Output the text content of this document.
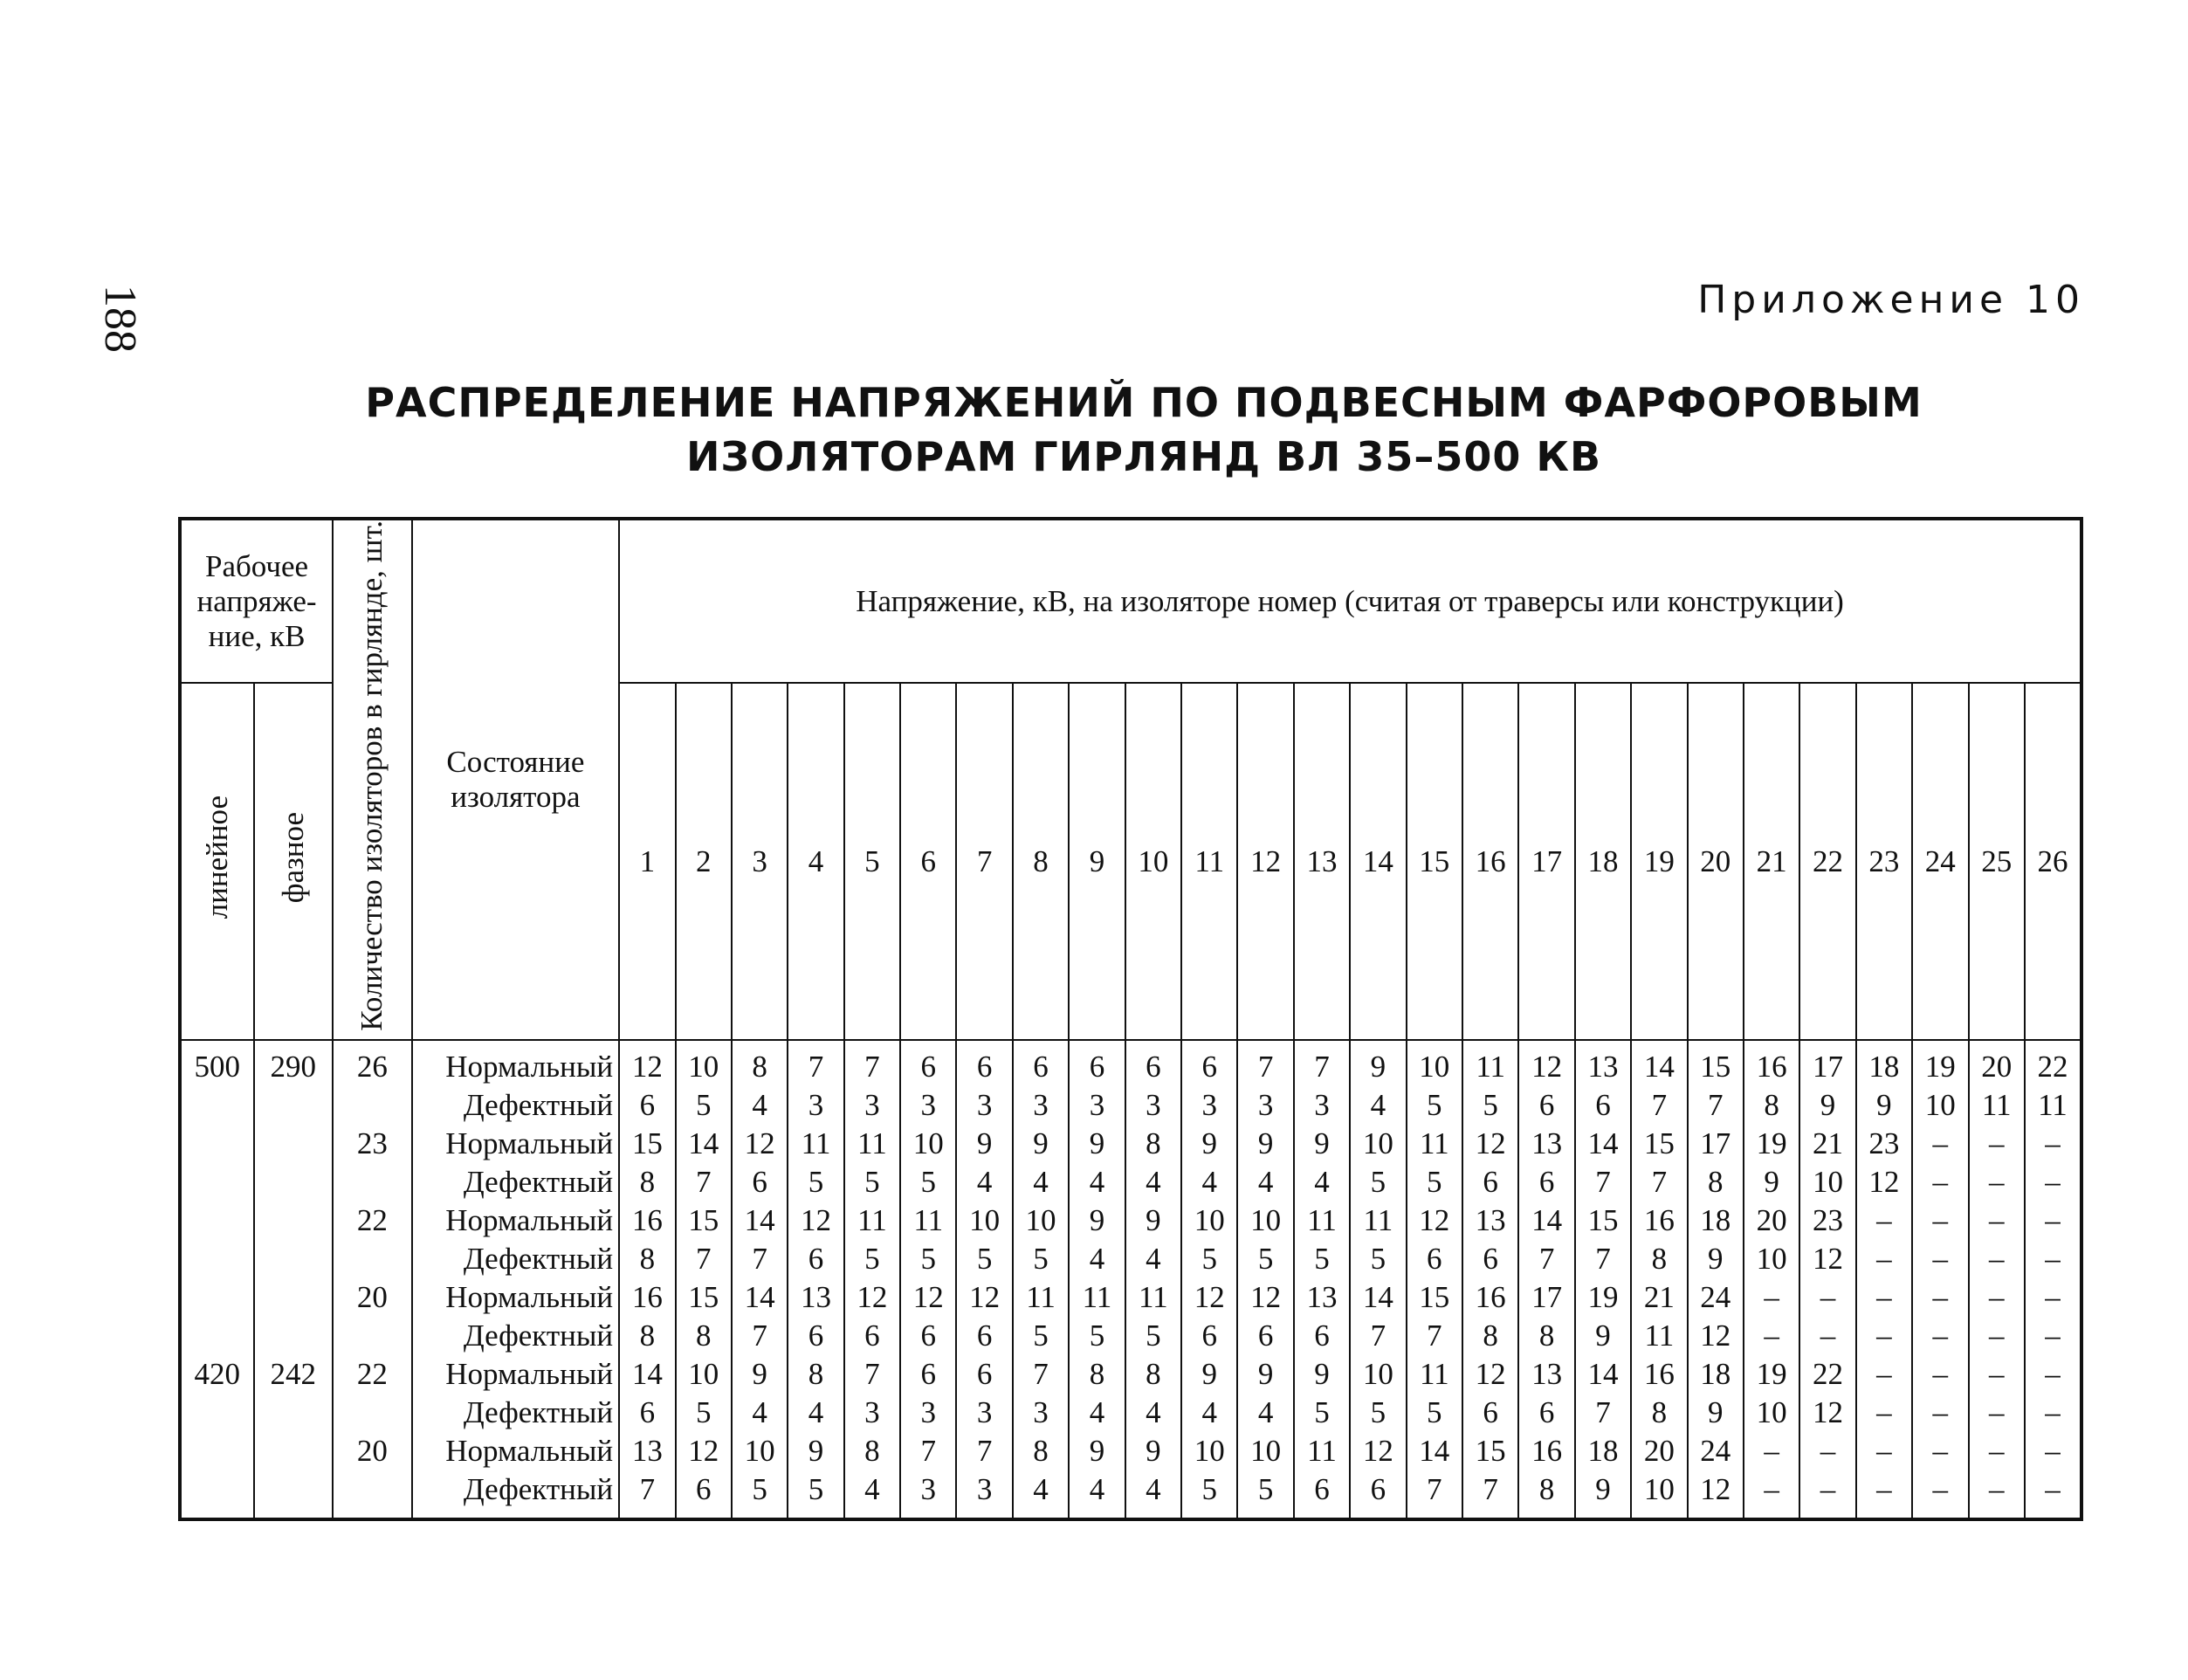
188	Приложение 10
РАСПРЕДЕЛЕНИЕ НАПРЯЖЕНИЙ ПО ПОДВЕСНЫМ ФАРФОРОВЫМ
ИЗОЛЯТОРАМ ГИРЛЯНД ВЛ 35–500 КВ
Рабочее напряже-ние, кВ		Количество изоляторов в гирлянде, шт.	Состояние изолятора	Напряжение, кВ, на изоляторе номер (считая от траверсы или конструкции)																									
линейное	фазное			1	2	3	4	5	6	7	8	9	10	11	12	13	14	15	16	17	18	19	20	21	22	23	24	25	26
500	290	26	Нормальный	12	10	8	7	7	6	6	6	6	6	6	7	7	9	10	11	12	13	14	15	16	17	18	19	20	22
			Дефектный	6	5	4	3	3	3	3	3	3	3	3	3	3	4	5	5	6	6	7	7	8	9	9	10	11	11
		23	Нормальный	15	14	12	11	11	10	9	9	9	8	9	9	9	10	11	12	13	14	15	17	19	21	23	–	–	–
			Дефектный	8	7	6	5	5	5	4	4	4	4	4	4	4	5	5	6	6	7	7	8	9	10	12	–	–	–
		22	Нормальный	16	15	14	12	11	11	10	10	9	9	10	10	11	11	12	13	14	15	16	18	20	23	–	–	–	–
			Дефектный	8	7	7	6	5	5	5	5	4	4	5	5	5	5	6	6	7	7	8	9	10	12	–	–	–	–
		20	Нормальный	16	15	14	13	12	12	12	11	11	11	12	12	13	14	15	16	17	19	21	24	–	–	–	–	–	–
			Дефектный	8	8	7	6	6	6	6	5	5	5	6	6	6	7	7	8	8	9	11	12	–	–	–	–	–	–
420	242	22	Нормальный	14	10	9	8	7	6	6	7	8	8	9	9	9	10	11	12	13	14	16	18	19	22	–	–	–	–
			Дефектный	6	5	4	4	3	3	3	3	4	4	4	4	5	5	5	6	6	7	8	9	10	12	–	–	–	–
		20	Нормальный	13	12	10	9	8	7	7	8	9	9	10	10	11	12	14	15	16	18	20	24	–	–	–	–	–	–
			Дефектный	7	6	5	5	4	3	3	4	4	4	5	5	6	6	7	7	8	9	10	12	–	–	–	–	–	–
